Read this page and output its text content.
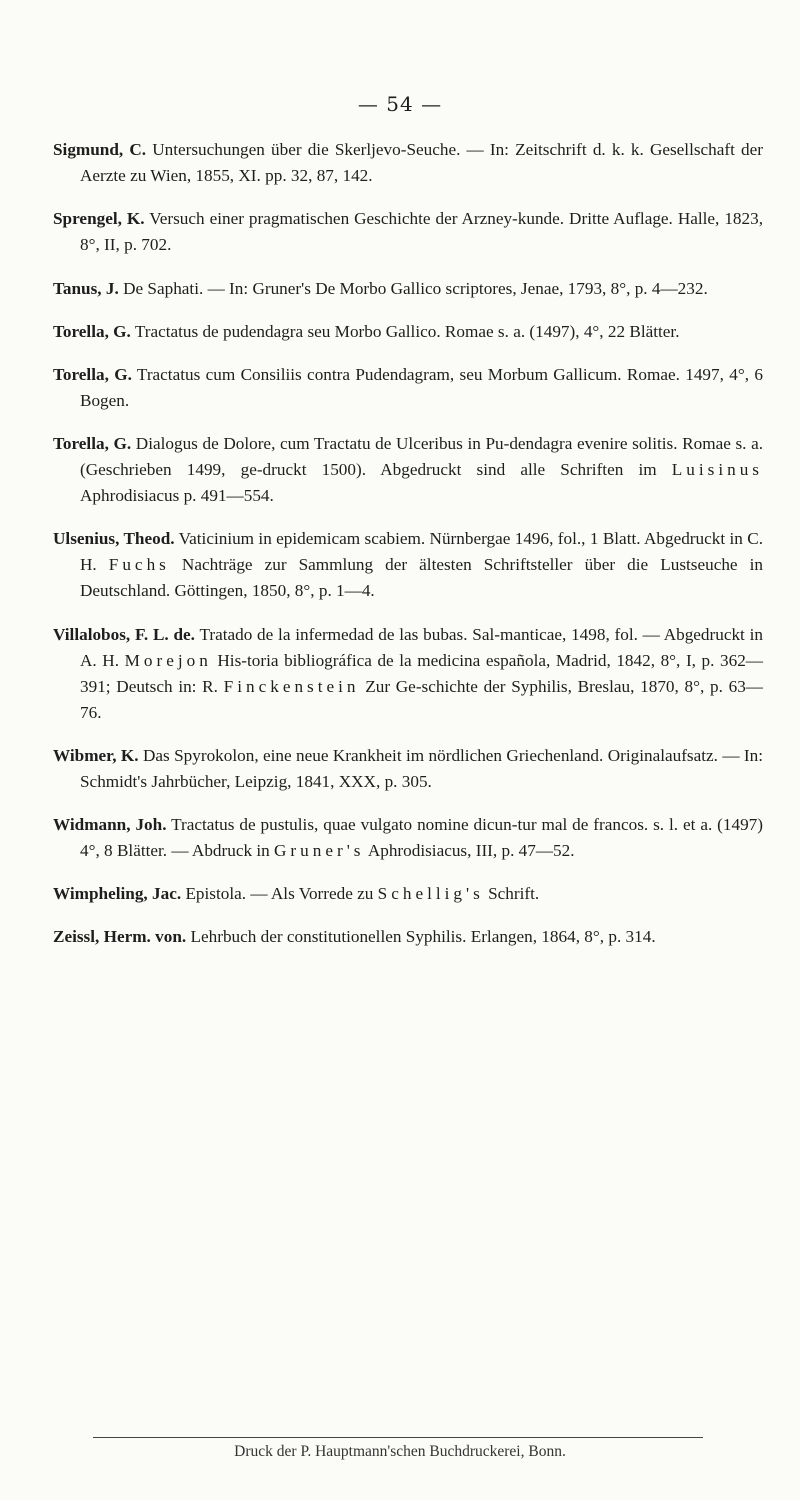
— 54 —

Sigmund, C. Untersuchungen über die Skerljevo-Seuche. — In: Zeitschrift d. k. k. Gesellschaft der Aerzte zu Wien, 1855, XI. pp. 32, 87, 142.

Sprengel, K. Versuch einer pragmatischen Geschichte der Arzney-kunde. Dritte Auflage. Halle, 1823, 8°, II, p. 702.

Tanus, J. De Saphati. — In: Gruner's De Morbo Gallico scriptores, Jenae, 1793, 8°, p. 4—232.

Torella, G. Tractatus de pudendagra seu Morbo Gallico. Romae s. a. (1497), 4°, 22 Blätter.

Torella, G. Tractatus cum Consiliis contra Pudendagram, seu Morbum Gallicum. Romae. 1497, 4°, 6 Bogen.

Torella, G. Dialogus de Dolore, cum Tractatu de Ulceribus in Pu-dendagra evenire solitis. Romae s. a. (Geschrieben 1499, ge-druckt 1500). Abgedruckt sind alle Schriften im Luisinus Aphrodisiacus p. 491—554.

Ulsenius, Theod. Vaticinium in epidemicam scabiem. Nürnbergae 1496, fol., 1 Blatt. Abgedruckt in C. H. Fuchs Nachträge zur Sammlung der ältesten Schriftsteller über die Lustseuche in Deutschland. Göttingen, 1850, 8°, p. 1—4.

Villalobos, F. L. de. Tratado de la infermedad de las bubas. Sal-manticae, 1498, fol. — Abgedruckt in A. H. Morejon His-toria bibliográfica de la medicina española, Madrid, 1842, 8°, I, p. 362—391; Deutsch in: R. Finckenstein Zur Ge-schichte der Syphilis, Breslau, 1870, 8°, p. 63—76.

Wibmer, K. Das Spyrokolon, eine neue Krankheit im nördlichen Griechenland. Originalaufsatz. — In: Schmidt's Jahrbücher, Leipzig, 1841, XXX, p. 305.

Widmann, Joh. Tractatus de pustulis, quae vulgato nomine dicun-tur mal de francos. s. l. et a. (1497) 4°, 8 Blätter. — Abdruck in Gruner's Aphrodisiacus, III, p. 47—52.

Wimpheling, Jac. Epistola. — Als Vorrede zu Schellig's Schrift.

Zeissl, Herm. von. Lehrbuch der constitutionellen Syphilis. Erlangen, 1864, 8°, p. 314.

Druck der P. Hauptmann'schen Buchdruckerei, Bonn.
